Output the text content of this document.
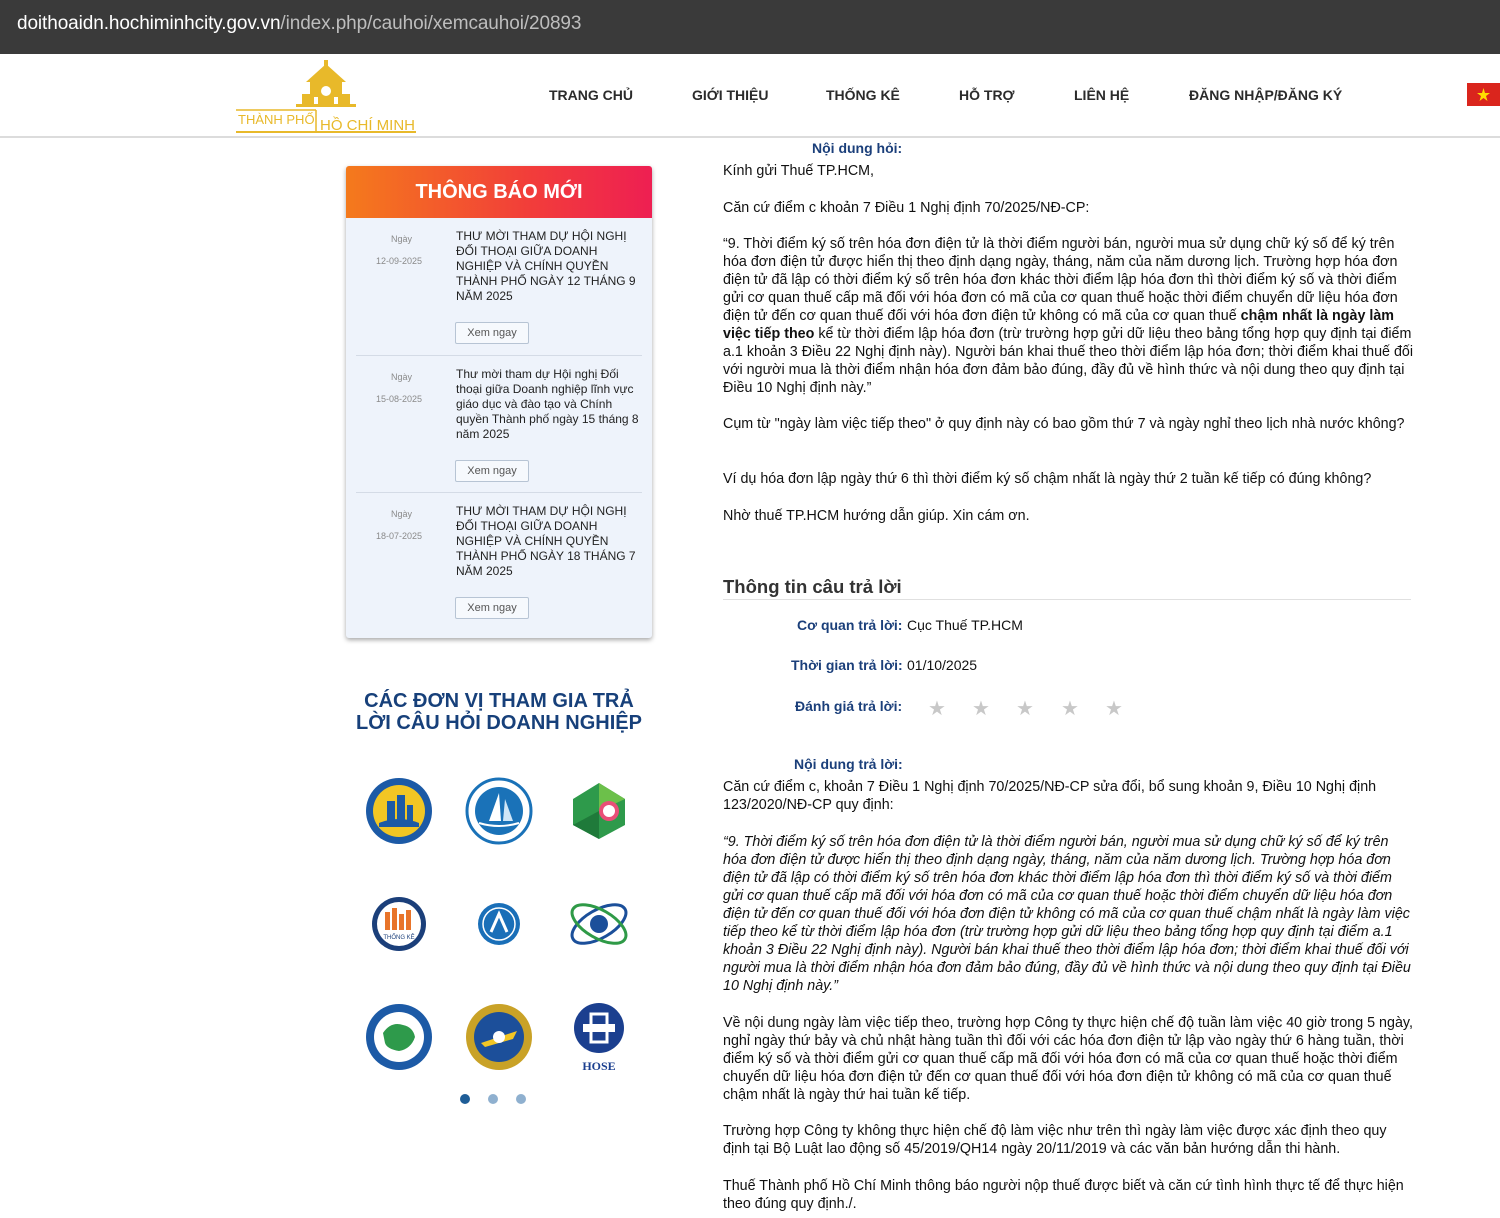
doithoaidn.hochiminhcity.gov.vn/index.php/cauhoi/xemcauhoi/20893
THÀNH PHỐ HỒ CHÍ MINH
TRANG CHỦ	GIỚI THIỆU	THỐNG KÊ	HỖ TRỢ	LIÊN HỆ	ĐĂNG NHẬP/ĐĂNG KÝ
THÔNG BÁO MỚI
Ngày
12-09-2025
THƯ MỜI THAM DỰ HỘI NGHỊ ĐỐI THOẠI GIỮA DOANH NGHIỆP VÀ CHÍNH QUYỀN THÀNH PHỐ NGÀY 12 THÁNG 9 NĂM 2025
Xem ngay
Ngày
15-08-2025
Thư mời tham dự Hội nghị Đối thoại giữa Doanh nghiệp lĩnh vực giáo dục và đào tạo và Chính quyền Thành phố ngày 15 tháng 8 năm 2025
Xem ngay
Ngày
18-07-2025
THƯ MỜI THAM DỰ HỘI NGHỊ ĐỐI THOẠI GIỮA DOANH NGHIỆP VÀ CHÍNH QUYỀN THÀNH PHỐ NGÀY 18 THÁNG 7 NĂM 2025
Xem ngay
CÁC ĐƠN VỊ THAM GIA TRẢ
LỜI CÂU HỎI DOANH NGHIỆP
THỐNG KÊ
HOSE
Nội dung hỏi:
Kính gửi Thuế TP.HCM,
Căn cứ điểm c khoản 7 Điều 1 Nghị định 70/2025/NĐ-CP:
“9. Thời điểm ký số trên hóa đơn điện tử là thời điểm người bán, người mua sử dụng chữ ký số để ký trên hóa đơn điện tử được hiển thị theo định dạng ngày, tháng, năm của năm dương lịch. Trường hợp hóa đơn điện tử đã lập có thời điểm ký số trên hóa đơn khác thời điểm lập hóa đơn thì thời điểm ký số và thời điểm gửi cơ quan thuế cấp mã đối với hóa đơn có mã của cơ quan thuế hoặc thời điểm chuyển dữ liệu hóa đơn điện tử đến cơ quan thuế đối với hóa đơn điện tử không có mã của cơ quan thuế chậm nhất là ngày làm việc tiếp theo kể từ thời điểm lập hóa đơn (trừ trường hợp gửi dữ liệu theo bảng tổng hợp quy định tại điểm a.1 khoản 3 Điều 22 Nghị định này). Người bán khai thuế theo thời điểm lập hóa đơn; thời điểm khai thuế đối với người mua là thời điểm nhận hóa đơn đảm bảo đúng, đầy đủ về hình thức và nội dung theo quy định tại Điều 10 Nghị định này.”
Cụm từ "ngày làm việc tiếp theo" ở quy định này có bao gồm thứ 7 và ngày nghỉ theo lịch nhà nước không?
Ví dụ hóa đơn lập ngày thứ 6 thì thời điểm ký số chậm nhất là ngày thứ 2 tuần kế tiếp có đúng không?
Nhờ thuế TP.HCM hướng dẫn giúp. Xin cám ơn.
Thông tin câu trả lời
Cơ quan trả lời: Cục Thuế TP.HCM
Thời gian trả lời: 01/10/2025
Đánh giá trả lời: ★ ★ ★ ★ ★
Nội dung trả lời:
Căn cứ điểm c, khoản 7 Điều 1 Nghị định 70/2025/NĐ-CP sửa đổi, bổ sung khoản 9, Điều 10 Nghị định 123/2020/NĐ-CP quy định:
“9. Thời điểm ký số trên hóa đơn điện tử là thời điểm người bán, người mua sử dụng chữ ký số để ký trên hóa đơn điện tử được hiển thị theo định dạng ngày, tháng, năm của năm dương lịch. Trường hợp hóa đơn điện tử đã lập có thời điểm ký số trên hóa đơn khác thời điểm lập hóa đơn thì thời điểm ký số và thời điểm gửi cơ quan thuế cấp mã đối với hóa đơn có mã của cơ quan thuế hoặc thời điểm chuyển dữ liệu hóa đơn điện tử đến cơ quan thuế đối với hóa đơn điện tử không có mã của cơ quan thuế chậm nhất là ngày làm việc tiếp theo kể từ thời điểm lập hóa đơn (trừ trường hợp gửi dữ liệu theo bảng tổng hợp quy định tại điểm a.1 khoản 3 Điều 22 Nghị định này). Người bán khai thuế theo thời điểm lập hóa đơn; thời điểm khai thuế đối với người mua là thời điểm nhận hóa đơn đảm bảo đúng, đầy đủ về hình thức và nội dung theo quy định tại Điều 10 Nghị định này.”
Về nội dung ngày làm việc tiếp theo, trường hợp Công ty thực hiện chế độ tuần làm việc 40 giờ trong 5 ngày, nghỉ ngày thứ bảy và chủ nhật hàng tuần thì đối với các hóa đơn điện tử lập vào ngày thứ 6 hàng tuần, thời điểm ký số và thời điểm gửi cơ quan thuế cấp mã đối với hóa đơn có mã của cơ quan thuế hoặc thời điểm chuyển dữ liệu hóa đơn điện tử đến cơ quan thuế đối với hóa đơn điện tử không có mã của cơ quan thuế chậm nhất là ngày thứ hai tuần kế tiếp.
Trường hợp Công ty không thực hiện chế độ làm việc như trên thì ngày làm việc được xác định theo quy định tại Bộ Luật lao động số 45/2019/QH14 ngày 20/11/2019 và các văn bản hướng dẫn thi hành.
Thuế Thành phố Hồ Chí Minh thông báo người nộp thuế được biết và căn cứ tình hình thực tế để thực hiện theo đúng quy định./.
